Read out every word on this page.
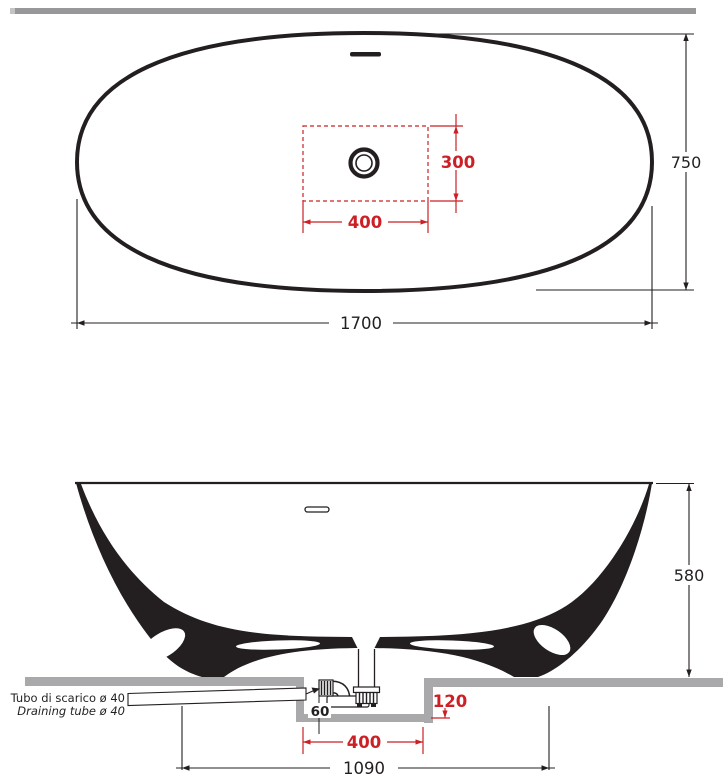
750
1700
300
400
Tubo di scarico ø 40
Draining tube ø 40
580
1090
400
120
60
